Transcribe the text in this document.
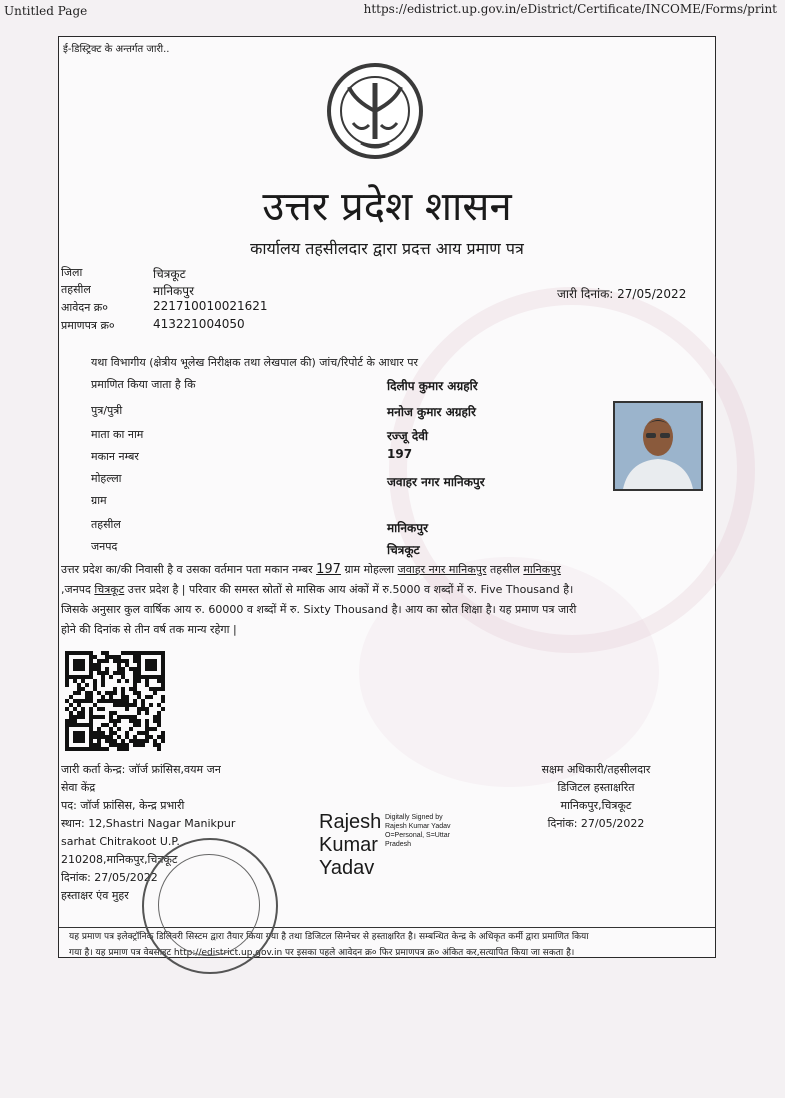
Untitled Page	https://edistrict.up.gov.in/eDistrict/Certificate/INCOME/Forms/print
ई-डिस्ट्रिक्ट के अन्तर्गत जारी..
उत्तर प्रदेश शासन
कार्यालय तहसीलदार द्वारा प्रदत्त आय प्रमाण पत्र
जिला	चित्रकूट
तहसील	मानिकपुर
आवेदन क्र०	221710010021621
प्रमाणपत्र क्र०	413221004050
जारी दिनांक: 27/05/2022
यथा विभागीय (क्षेत्रीय भूलेख निरीक्षक तथा लेखपाल की) जांच/रिपोर्ट के आधार पर
प्रमाणित किया जाता है कि	दिलीप कुमार अग्रहरि
पुत्र/पुत्री	मनोज कुमार अग्रहरि
माता का नाम	रज्जू देवी
मकान नम्बर	197
मोहल्ला	जवाहर नगर मानिकपुर
ग्राम
तहसील	मानिकपुर
जनपद	चित्रकूट
उत्तर प्रदेश का/की निवासी है व उसका वर्तमान पता मकान नम्बर 197 ग्राम मोहल्ला जवाहर नगर मानिकपुर तहसील मानिकपुर
,जनपद चित्रकूट उत्तर प्रदेश है | परिवार की समस्त स्रोतों से मासिक आय अंकों में रु.5000 व शब्दों में रु. Five Thousand है।
जिसके अनुसार कुल वार्षिक आय रु. 60000 व शब्दों में रु. Sixty Thousand है। आय का स्रोत शिक्षा है। यह प्रमाण पत्र जारी
होने की दिनांक से तीन वर्ष तक मान्य रहेगा |
जारी कर्ता केन्द्र: जॉर्ज फ्रांसिस,वयम जन
सेवा केंद्र
पद: जॉर्ज फ्रांसिस, केन्द्र प्रभारी
स्थान: 12,Shastri Nagar Manikpur
sarhat Chitrakoot U.P.
210208,मानिकपुर,चित्रकूट
दिनांक: 27/05/2022
हस्ताक्षर एंव मुहर
Rajesh
Kumar
Yadav
Digitally Signed by
Rajesh Kumar Yadav
O=Personal, S=Uttar
Pradesh
सक्षम अधिकारी/तहसीलदार
डिजिटल हस्ताक्षरित
मानिकपुर,चित्रकूट
दिनांक: 27/05/2022
यह प्रमाण पत्र इलेक्ट्रॉनिक डिलिवरी सिस्टम द्वारा तैयार किया गया है तथा डिजिटल सिग्नेचर से हस्ताक्षरित है। सम्बन्धित केन्द्र के अधिकृत कर्मी द्वारा प्रमाणित किया
गया है। यह प्रमाण पत्र वेबसाइट http://edistrict.up.gov.in पर इसका पहले आवेदन क्र० फिर प्रमाणपत्र क्र० अंकित कर,सत्यापित किया जा सकता है।
